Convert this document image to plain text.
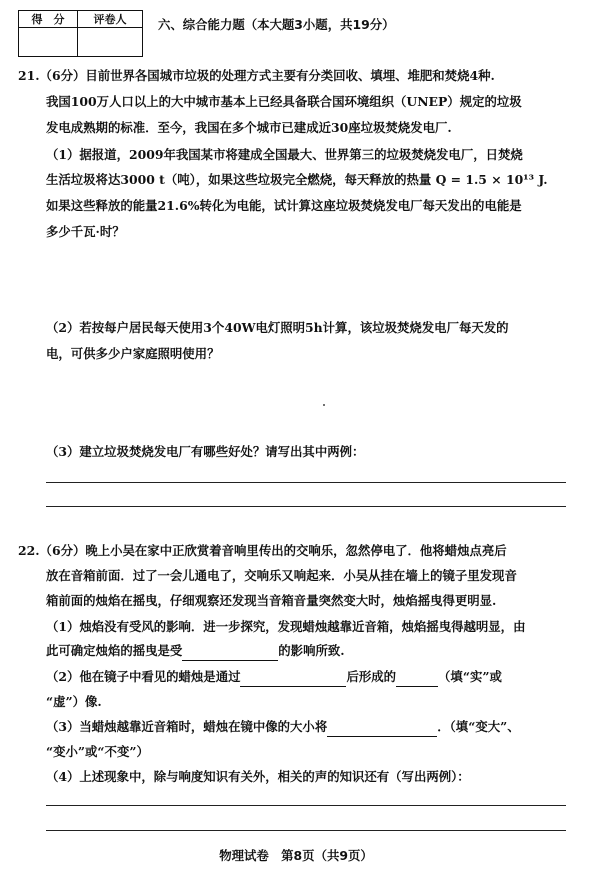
得　分	评卷人
		六、综合能力题（本大题3小题，共19分）
21.（6分）目前世界各国城市垃圾的处理方式主要有分类回收、填埋、堆肥和焚烧4种.
我国100万人口以上的大中城市基本上已经具备联合国环境组织（UNEP）规定的垃圾
发电成熟期的标准．至今，我国在多个城市已建成近30座垃圾焚烧发电厂.
（1）据报道，2009年我国某市将建成全国最大、世界第三的垃圾焚烧发电厂，日焚烧
生活垃圾将达3000 t（吨），如果这些垃圾完全燃烧，每天释放的热量 Q = 1.5 × 10¹³ J.
如果这些释放的能量21.6%转化为电能，试计算这座垃圾焚烧发电厂每天发出的电能是
多少千瓦·时？
（2）若按每户居民每天使用3个40W电灯照明5h计算，该垃圾焚烧发电厂每天发的
电，可供多少户家庭照明使用？
（3）建立垃圾焚烧发电厂有哪些好处？请写出其中两例：
22.（6分）晚上小吴在家中正欣赏着音响里传出的交响乐，忽然停电了．他将蜡烛点亮后
放在音箱前面．过了一会儿通电了，交响乐又响起来．小吴从挂在墙上的镜子里发现音
箱前面的烛焰在摇曳，仔细观察还发现当音箱音量突然变大时，烛焰摇曳得更明显.
（1）烛焰没有受风的影响．进一步探究，发现蜡烛越靠近音箱，烛焰摇曳得越明显，由
此可确定烛焰的摇曳是受	的影响所致.
（2）他在镜子中看见的蜡烛是通过	后形成的	（填“实”或
“虚”）像.
（3）当蜡烛越靠近音箱时，蜡烛在镜中像的大小将	．（填“变大”、
“变小”或“不变”）
（4）上述现象中，除与响度知识有关外，相关的声的知识还有（写出两例）：
物理试卷　第8页（共9页）
